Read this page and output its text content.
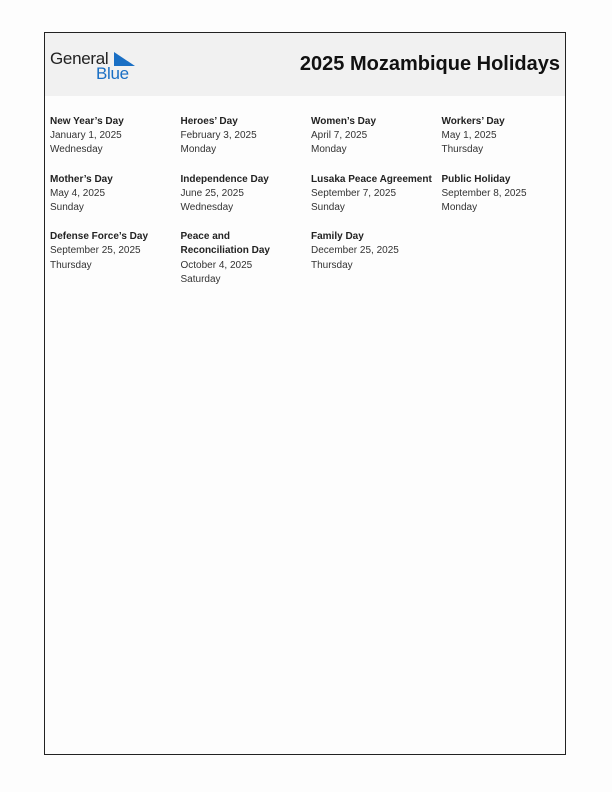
General
Blue	2025 Mozambique Holidays
New Year’s Day
January 1, 2025
Wednesday
Heroes’ Day
February 3, 2025
Monday
Women’s Day
April 7, 2025
Monday
Workers’ Day
May 1, 2025
Thursday
Mother’s Day
May 4, 2025
Sunday
Independence Day
June 25, 2025
Wednesday
Lusaka Peace Agreement
September 7, 2025
Sunday
Public Holiday
September 8, 2025
Monday
Defense Force’s Day
September 25, 2025
Thursday
Peace and Reconciliation Day
October 4, 2025
Saturday
Family Day
December 25, 2025
Thursday
